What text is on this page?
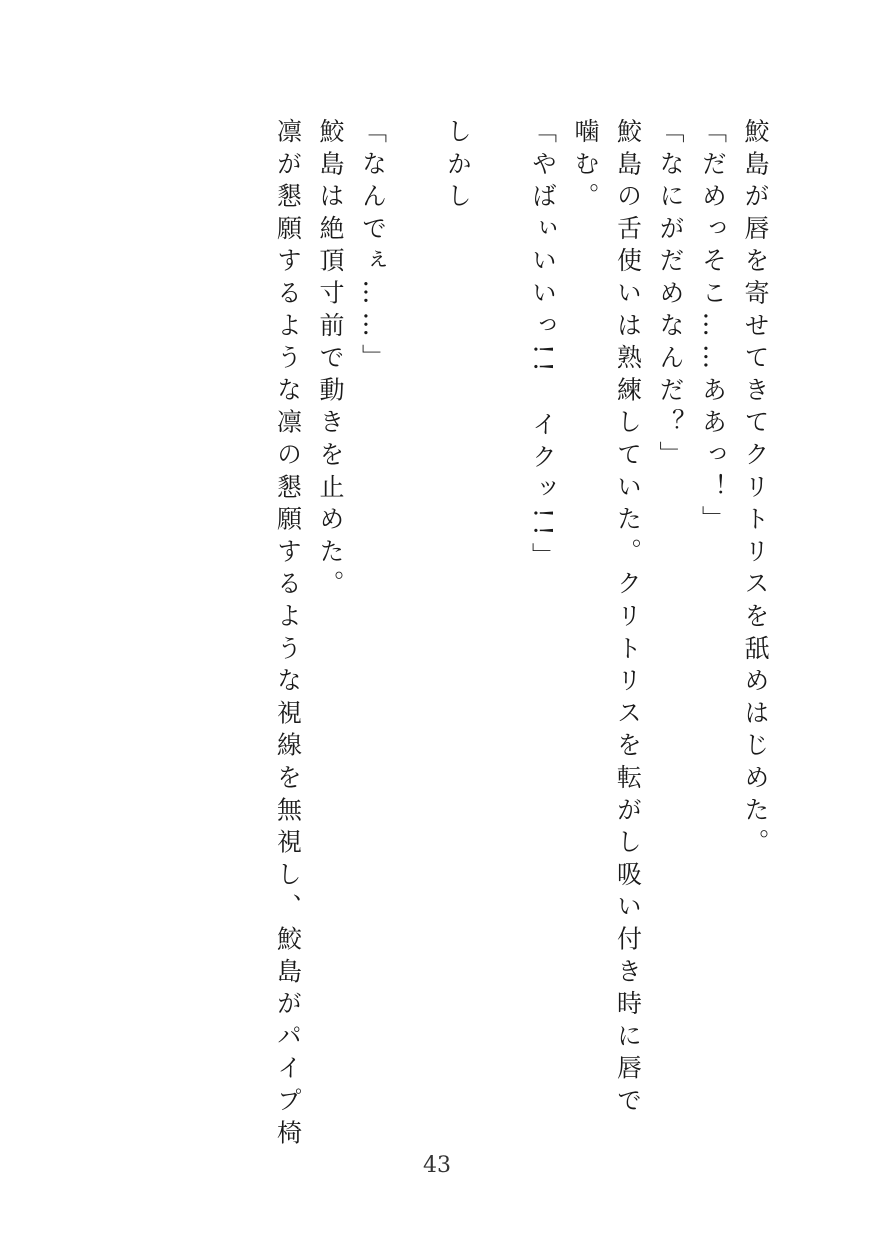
鮫島が唇を寄せてきてクリトリスを舐めはじめた。
「だめっそこ……ああっ！」
「なにがだめなんだ？」
鮫島の舌使いは熟練していた。クリトリスを転がし吸い付き時に唇で
噛む。
「やばぃいいっ!!　イクッ!!」
しかし
「なんでぇ……」
鮫島は絶頂寸前で動きを止めた。
凛が懇願するような凛の懇願するような視線を無視し、鮫島がパイプ椅
43
